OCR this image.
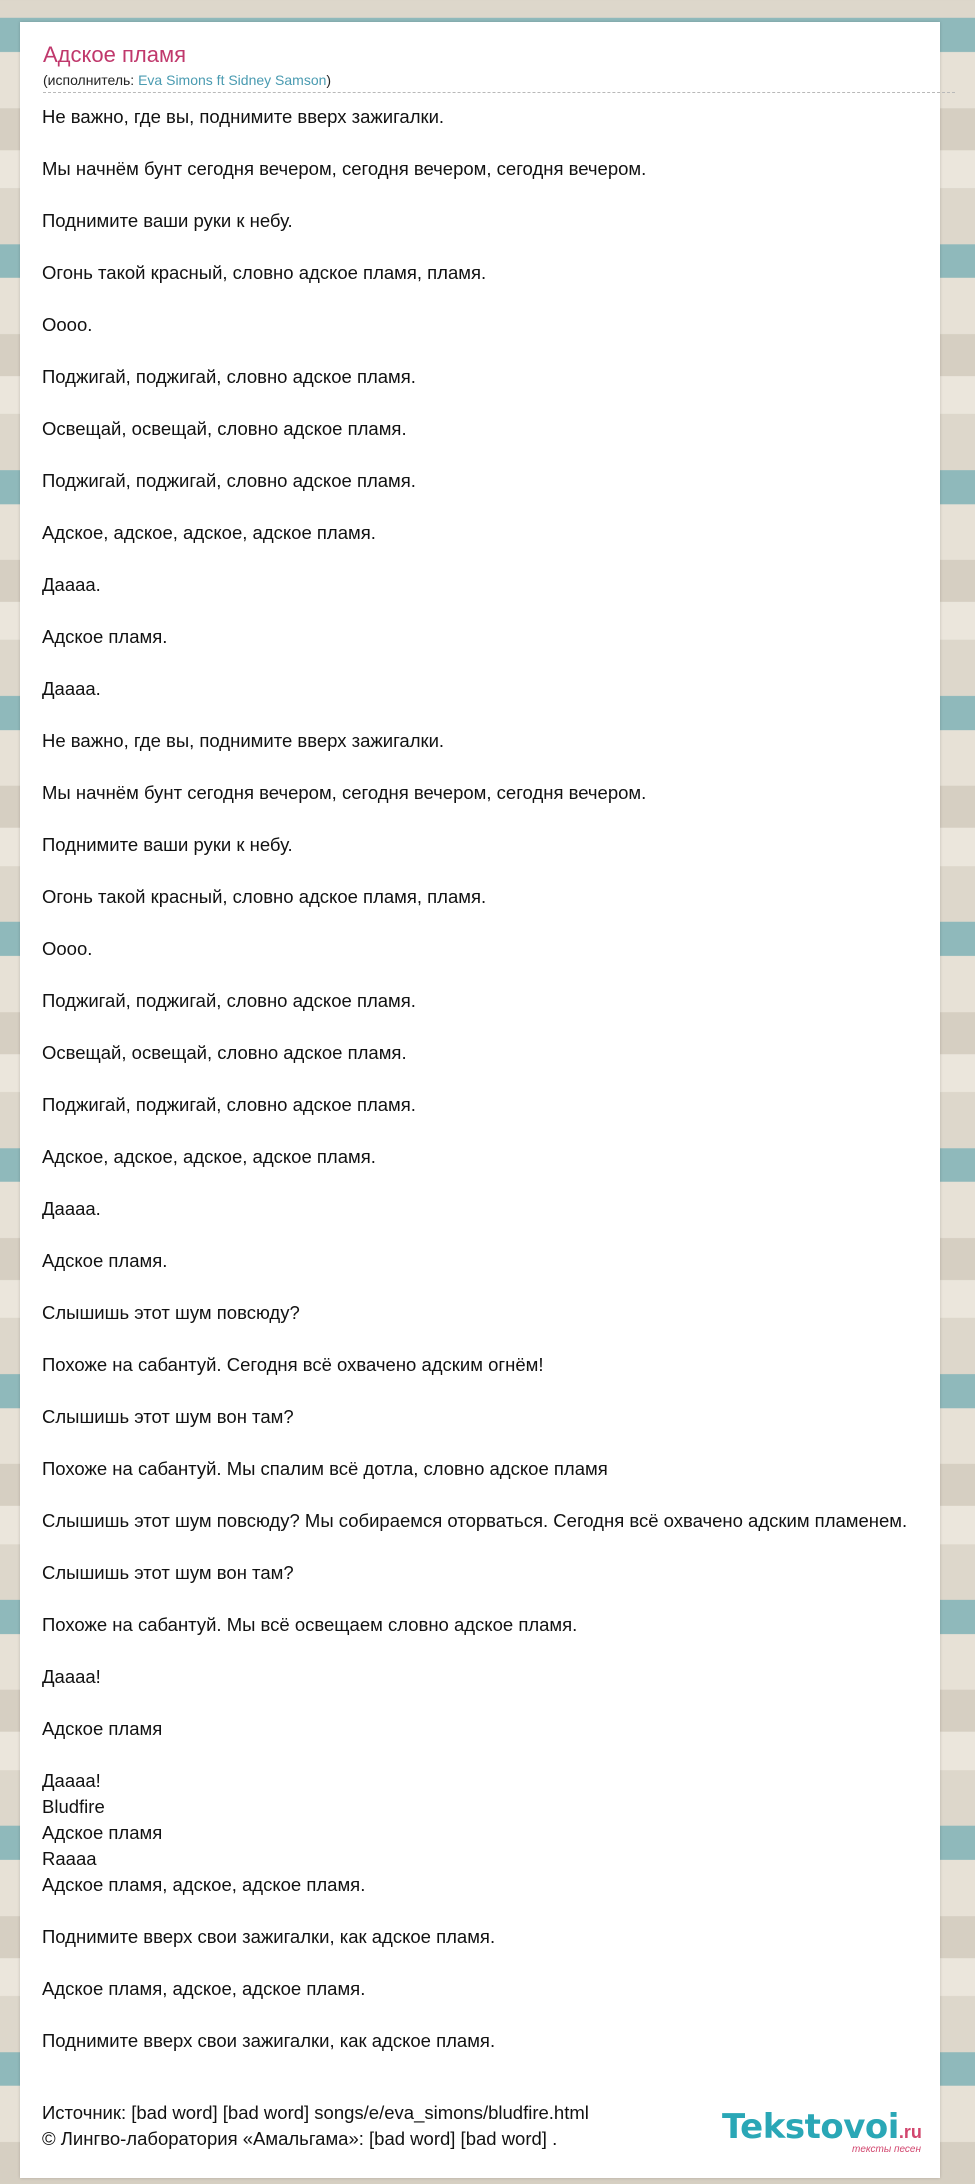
Адское пламя
(исполнитель: Eva Simons ft Sidney Samson)
Не важно, где вы, поднимите вверх зажигалки.
Мы начнём бунт сегодня вечером, сегодня вечером, сегодня вечером.
Поднимите ваши руки к небу.
Огонь такой красный, словно адское пламя, пламя.
Оооо.
Поджигай, поджигай, словно адское пламя.
Освещай, освещай, словно адское пламя.
Поджигай, поджигай, словно адское пламя.
Адское, адское, адское, адское пламя.
Даааа.
Адское пламя.
Даааа.
Не важно, где вы, поднимите вверх зажигалки.
Мы начнём бунт сегодня вечером, сегодня вечером, сегодня вечером.
Поднимите ваши руки к небу.
Огонь такой красный, словно адское пламя, пламя.
Оооо.
Поджигай, поджигай, словно адское пламя.
Освещай, освещай, словно адское пламя.
Поджигай, поджигай, словно адское пламя.
Адское, адское, адское, адское пламя.
Даааа.
Адское пламя.
Слышишь этот шум повсюду?
Похоже на сабантуй. Сегодня всё охвачено адским огнём!
Слышишь этот шум вон там?
Похоже на сабантуй. Мы спалим всё дотла, словно адское пламя
Слышишь этот шум повсюду? Мы собираемся оторваться. Сегодня всё охвачено адским пламенем.
Слышишь этот шум вон там?
Похоже на сабантуй. Мы всё освещаем словно адское пламя.
Даааа!
Адское пламя
Даааа!
Bludfire
Адское пламя
Raaaa
Адское пламя, адское, адское пламя.
Поднимите вверх свои зажигалки, как адское пламя.
Адское пламя, адское, адское пламя.
Поднимите вверх свои зажигалки, как адское пламя.
Источник: [bad word] [bad word] songs/e/eva_simons/bludfire.html
© Лингво-лаборатория «Амальгама»: [bad word] [bad word] .	Tekstovoi.ru
тексты песен
